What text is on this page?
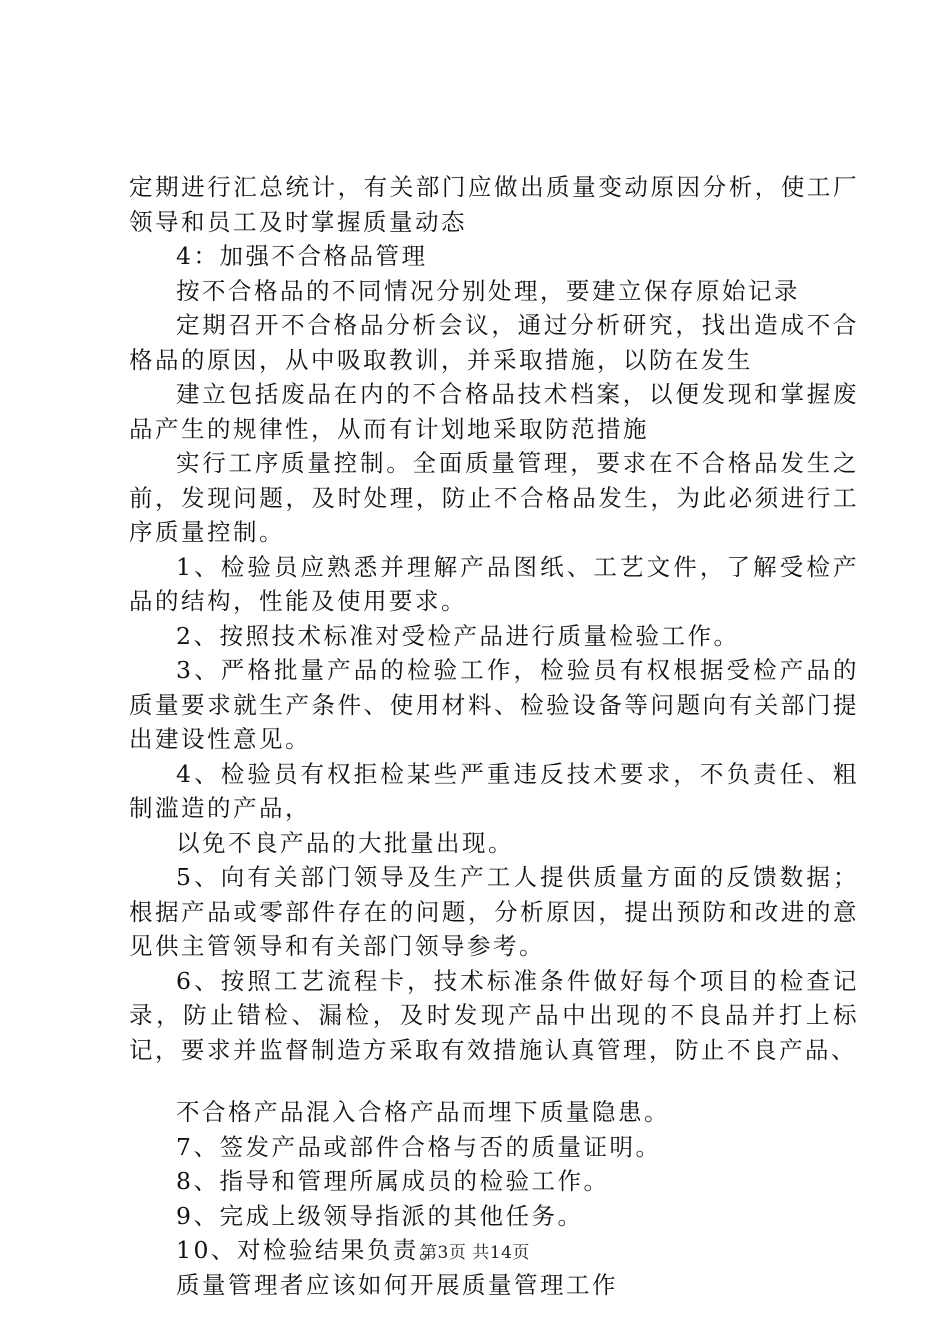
定期进行汇总统计，有关部门应做出质量变动原因分析，使工厂领导和员工及时掌握质量动态

4：加强不合格品管理

按不合格品的不同情况分别处理，要建立保存原始记录

定期召开不合格品分析会议，通过分析研究，找出造成不合格品的原因，从中吸取教训，并采取措施，以防在发生

建立包括废品在内的不合格品技术档案，以便发现和掌握废品产生的规律性，从而有计划地采取防范措施

实行工序质量控制。全面质量管理，要求在不合格品发生之前，发现问题，及时处理，防止不合格品发生，为此必须进行工序质量控制。

1、检验员应熟悉并理解产品图纸、工艺文件，了解受检产品的结构，性能及使用要求。

2、按照技术标准对受检产品进行质量检验工作。

3、严格批量产品的检验工作，检验员有权根据受检产品的质量要求就生产条件、使用材料、检验设备等问题向有关部门提出建设性意见。

4、检验员有权拒检某些严重违反技术要求，不负责任、粗制滥造的产品，

以免不良产品的大批量出现。

5、向有关部门领导及生产工人提供质量方面的反馈数据；根据产品或零部件存在的问题，分析原因，提出预防和改进的意见供主管领导和有关部门领导参考。

6、按照工艺流程卡，技术标准条件做好每个项目的检查记录，防止错检、漏检，及时发现产品中出现的不良品并打上标记，要求并监督制造方采取有效措施认真管理，防止不良产品、

不合格产品混入合格产品而埋下质量隐患。

7、签发产品或部件合格与否的质量证明。

8、指导和管理所属成员的检验工作。

9、完成上级领导指派的其他任务。

10、对检验结果负责。

质量管理者应该如何开展质量管理工作

第3页 共14页
